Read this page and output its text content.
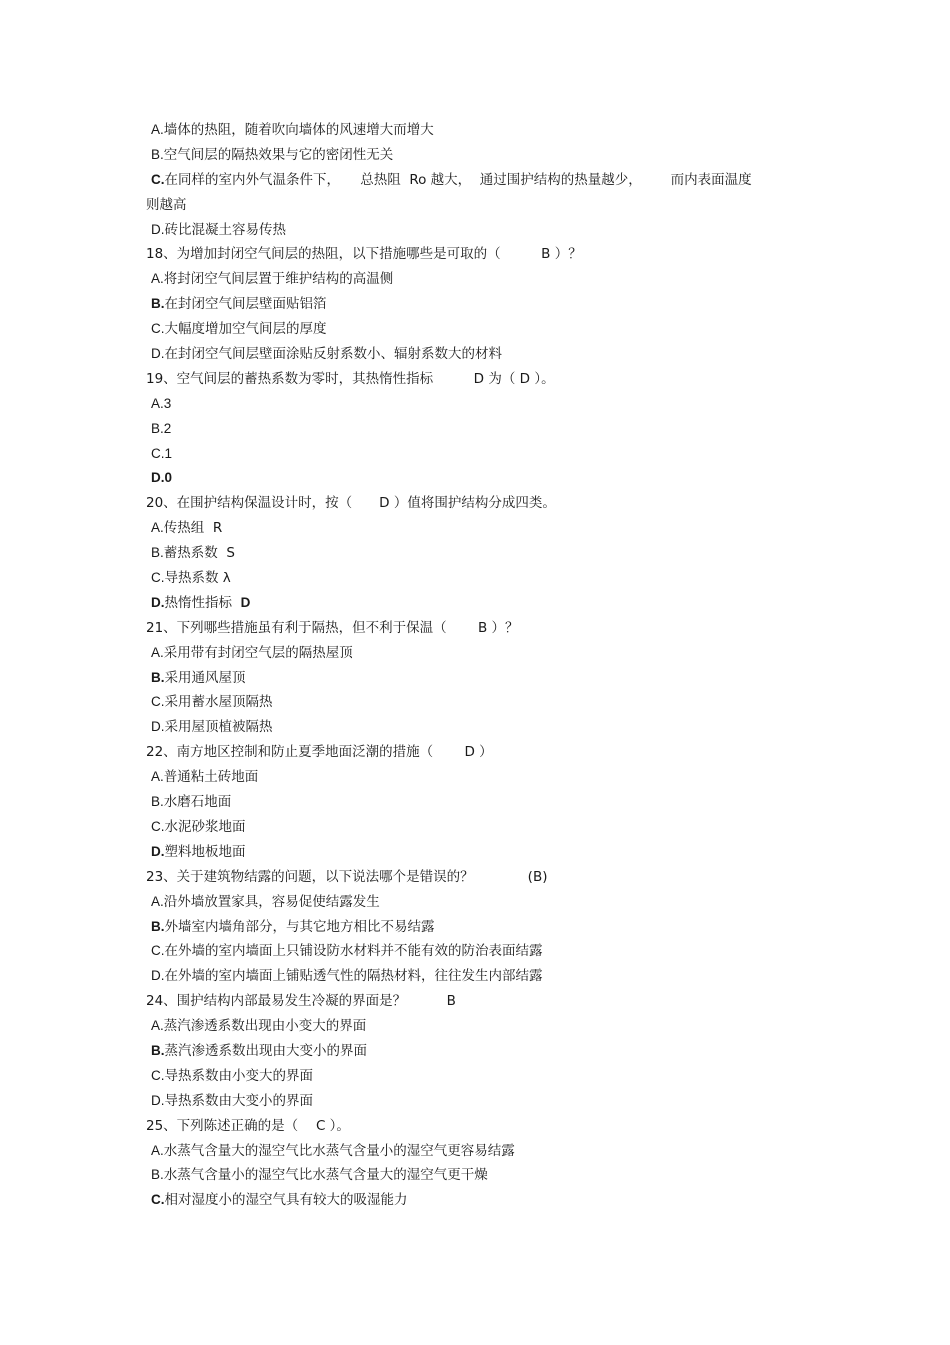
A.墙体的热阻，随着吹向墙体的风速增大而增大
B.空气间层的隔热效果与它的密闭性无关
C.在同样的室内外气温条件下，　　总热阻  Ro 越大，  通过围护结构的热量越少，　　  而内表面温度
则越高
D.砖比混凝土容易传热
18、为增加封闭空气间层的热阻，以下措施哪些是可取的（　　　B ）？
A.将封闭空气间层置于维护结构的高温侧
B.在封闭空气间层壁面贴铝箔
C.大幅度增加空气间层的厚度
D.在封闭空气间层壁面涂贴反射系数小、辐射系数大的材料
19、空气间层的蓄热系数为零时，其热惰性指标　　　D 为（ D ）。
A.3
B.2
C.1
D.0
20、在围护结构保温设计时，按（　　D ）值将围护结构分成四类。
A.传热组  R
B.蓄热系数  S
C.导热系数 λ
D.热惰性指标  D
21、下列哪些措施虽有利于隔热，但不利于保温（　　 B ）？
A.采用带有封闭空气层的隔热屋顶
B.采用通风屋顶
C.采用蓄水屋顶隔热
D.采用屋顶植被隔热
22、南方地区控制和防止夏季地面泛潮的措施（　　 D ）
A.普通粘土砖地面
B.水磨石地面
C.水泥砂浆地面
D.塑料地板地面
23、关于建筑物结露的问题，以下说法哪个是错误的？　　　　(B)
A.沿外墙放置家具，容易促使结露发生
B.外墙室内墙角部分，与其它地方相比不易结露
C.在外墙的室内墙面上只铺设防水材料并不能有效的防治表面结露
D.在外墙的室内墙面上铺贴透气性的隔热材料，往往发生内部结露
24、围护结构内部最易发生冷凝的界面是？　　　B
A.蒸汽渗透系数出现由小变大的界面
B.蒸汽渗透系数出现由大变小的界面
C.导热系数由小变大的界面
D.导热系数由大变小的界面
25、下列陈述正确的是（　 C ）。
A.水蒸气含量大的湿空气比水蒸气含量小的湿空气更容易结露
B.水蒸气含量小的湿空气比水蒸气含量大的湿空气更干燥
C.相对湿度小的湿空气具有较大的吸湿能力
